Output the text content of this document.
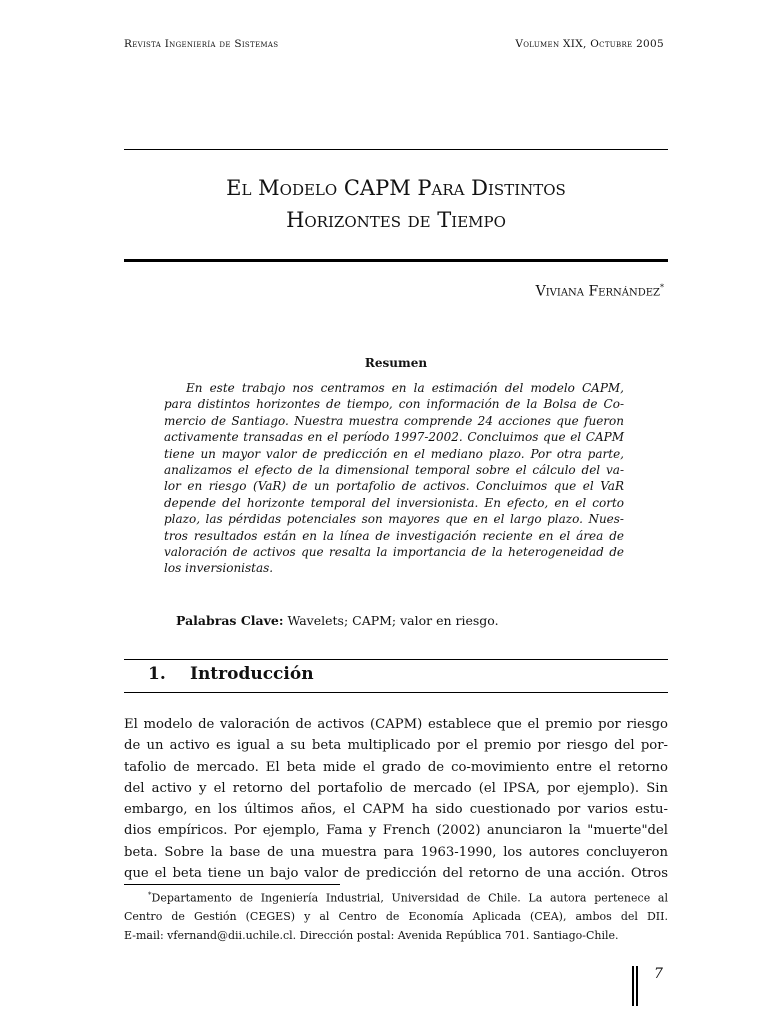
Revista Ingeniería de Sistemas	Volumen XIX, Octubre 2005
El Modelo CAPM Para Distintos
Horizontes de Tiempo
Viviana Fernández*
Resumen
En este trabajo nos centramos en la estimación del modelo CAPM,
para distintos horizontes de tiempo, con información de la Bolsa de Co-
mercio de Santiago. Nuestra muestra comprende 24 acciones que fueron
activamente transadas en el período 1997-2002. Concluimos que el CAPM
tiene un mayor valor de predicción en el mediano plazo. Por otra parte,
analizamos el efecto de la dimensional temporal sobre el cálculo del va-
lor en riesgo (VaR) de un portafolio de activos. Concluimos que el VaR
depende del horizonte temporal del inversionista. En efecto, en el corto
plazo, las pérdidas potenciales son mayores que en el largo plazo. Nues-
tros resultados están en la línea de investigación reciente en el área de
valoración de activos que resalta la importancia de la heterogeneidad de
los inversionistas.
Palabras Clave: Wavelets; CAPM; valor en riesgo.
1. Introducción
El modelo de valoración de activos (CAPM) establece que el premio por riesgo
de un activo es igual a su beta multiplicado por el premio por riesgo del por-
tafolio de mercado. El beta mide el grado de co-movimiento entre el retorno
del activo y el retorno del portafolio de mercado (el IPSA, por ejemplo). Sin
embargo, en los últimos años, el CAPM ha sido cuestionado por varios estu-
dios empíricos. Por ejemplo, Fama y French (2002) anunciaron la "muerte"del
beta. Sobre la base de una muestra para 1963-1990, los autores concluyeron
que el beta tiene un bajo valor de predicción del retorno de una acción. Otros
*Departamento de Ingeniería Industrial, Universidad de Chile. La autora pertenece al
Centro de Gestión (CEGES) y al Centro de Economía Aplicada (CEA), ambos del DII.
E-mail: vfernand@dii.uchile.cl. Dirección postal: Avenida República 701. Santiago-Chile.
7
